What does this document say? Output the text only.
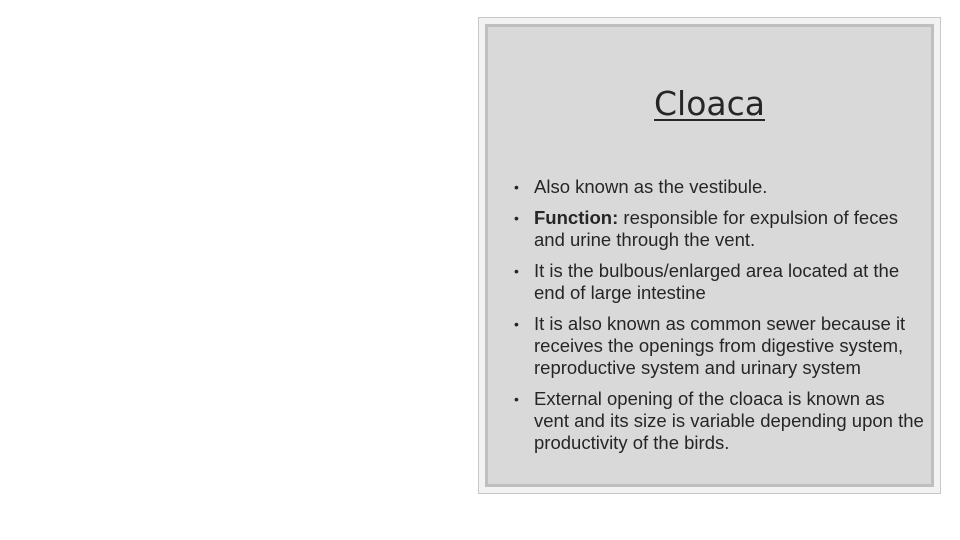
Cloaca
• Also known as the vestibule.
• Function: responsible for expulsion of feces and urine through the vent.
• It is the bulbous/enlarged area located at the end of large intestine
• It is also known as common sewer because it receives the openings from digestive system, reproductive system and urinary system
• External opening of the cloaca is known as vent and its size is variable depending upon the productivity of the birds.
